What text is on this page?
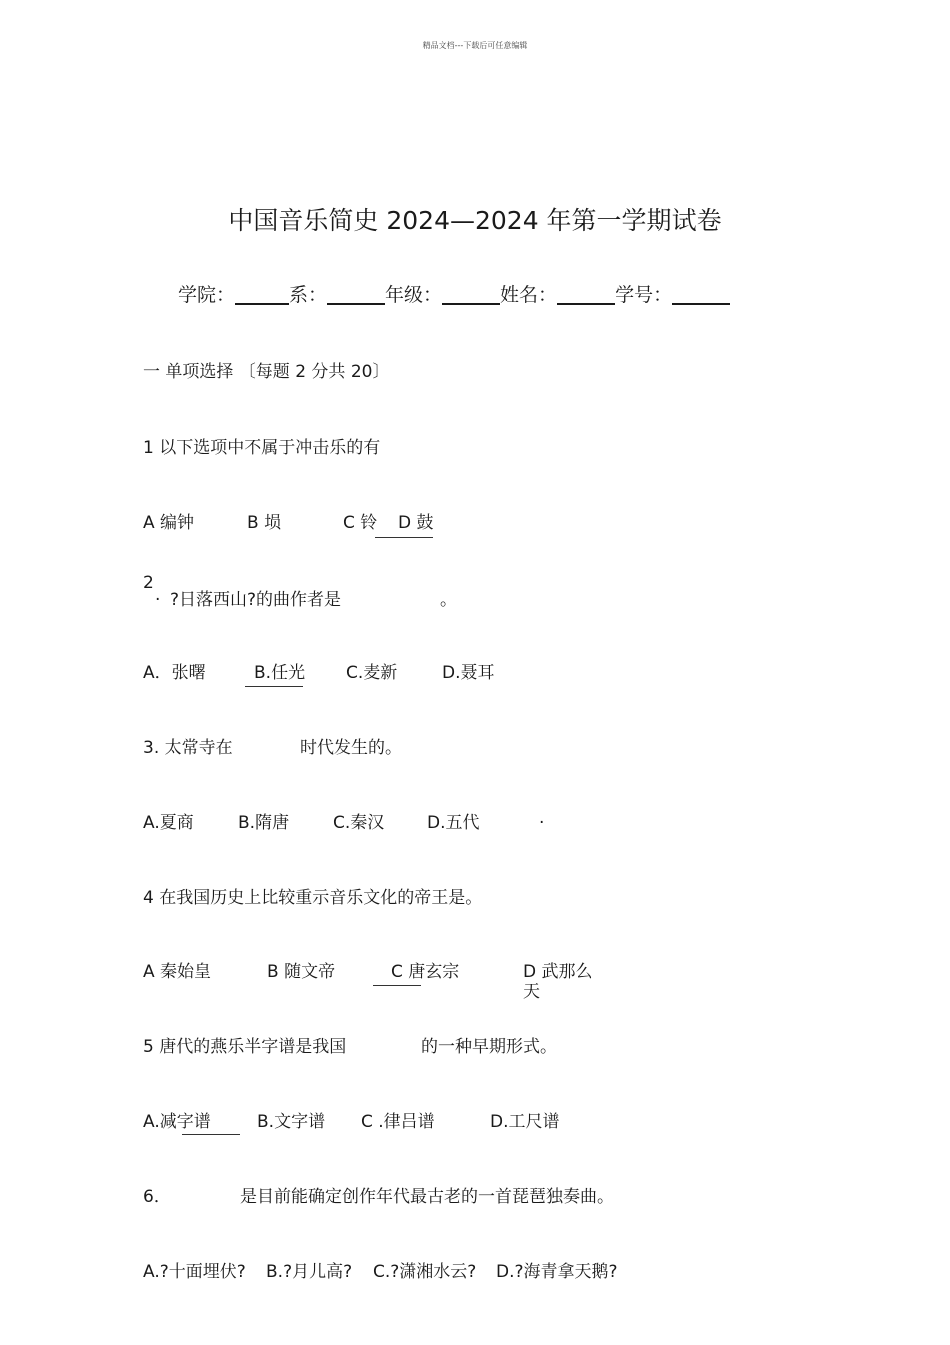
精品文档---下载后可任意编辑
中国音乐简史 2024—2024 年第一学期试卷
学院：	系：	年级：	姓名：	学号：
一 单项选择 〔每题 2 分共 20〕
1 以下选项中不属于冲击乐的有
A 编钟	B 埙	C 铃 D 鼓
2
. ?日落西山?的曲作者是	。
A．张曙	B.任光 C.麦新	D.聂耳
3. 太常寺在	时代发生的。
A.夏商	B.隋唐	C.秦汉	D.五代	.
4 在我国历史上比较重示音乐文化的帝王是。
A 秦始皇	B 随文帝	C 唐玄宗	D 武那么
天
5 唐代的燕乐半字谱是我国	的一种早期形式。
A.减字谱	B.文字谱 C .律吕谱	D.工尺谱
6．	是目前能确定创作年代最古老的一首琵琶独奏曲。
A.?十面埋伏? B.?月儿高? C.?潇湘水云? D.?海青拿天鹅?
